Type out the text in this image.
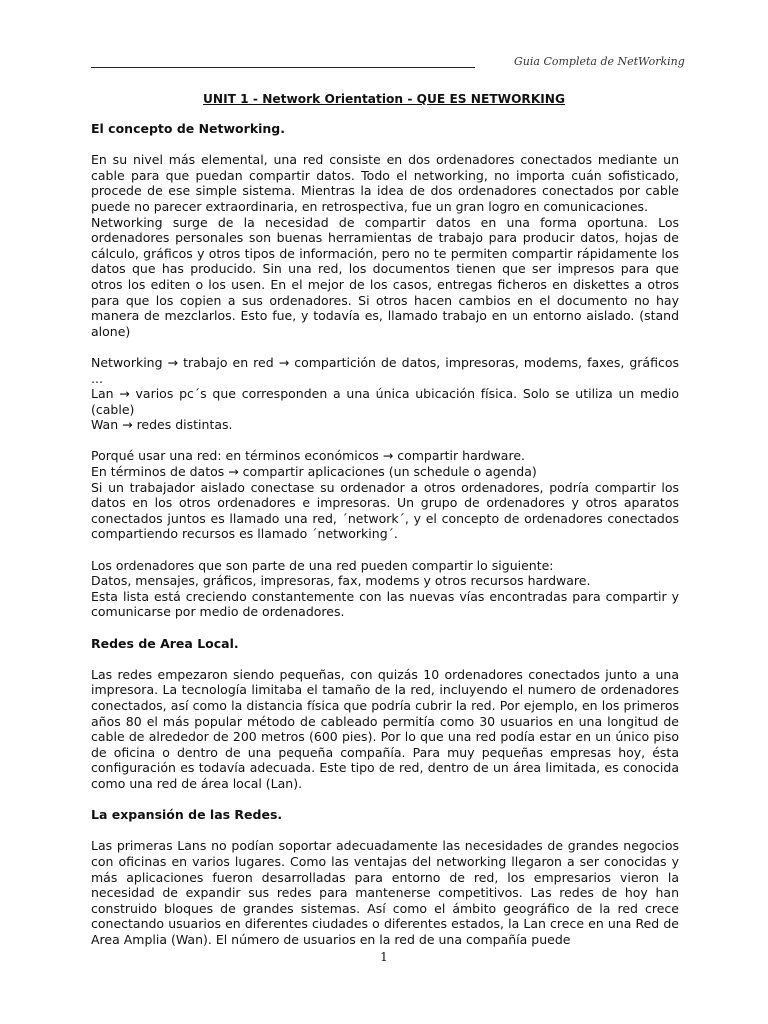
Guia Completa de NetWorking
UNIT 1 - Network Orientation - QUE ES NETWORKING
El concepto de Networking.

En su nivel más elemental, una red consiste en dos ordenadores conectados mediante un cable para que puedan compartir datos. Todo el networking, no importa cuán sofisticado, procede de ese simple sistema. Mientras la idea de dos ordenadores conectados por cable puede no parecer extraordinaria, en retrospectiva, fue un gran logro en comunicaciones.

Networking surge de la necesidad de compartir datos en una forma oportuna. Los ordenadores personales son buenas herramientas de trabajo para producir datos, hojas de cálculo, gráficos y otros tipos de información, pero no te permiten compartir rápidamente los datos que has producido. Sin una red, los documentos tienen que ser impresos para que otros los editen o los usen. En el mejor de los casos, entregas ficheros en diskettes a otros para que los copien a sus ordenadores. Si otros hacen cambios en el documento no hay manera de mezclarlos. Esto fue, y todavía es, llamado trabajo en un entorno aislado. (stand alone)

Networking → trabajo en red → compartición de datos, impresoras, modems, faxes, gráficos ...

Lan → varios pc´s que corresponden a una única ubicación física. Solo se utiliza un medio (cable)

Wan → redes distintas.

Porqué usar una red: en términos económicos → compartir hardware.

En términos de datos → compartir aplicaciones (un schedule o agenda)

Si un trabajador aislado conectase su ordenador a otros ordenadores, podría compartir los datos en los otros ordenadores e impresoras. Un grupo de ordenadores y otros aparatos conectados juntos es llamado una red, ´network´, y el concepto de ordenadores conectados compartiendo recursos es llamado ´networking´.

Los ordenadores que son parte de una red pueden compartir lo siguiente:

Datos, mensajes, gráficos, impresoras, fax, modems y otros recursos hardware.

Esta lista está creciendo constantemente con las nuevas vías encontradas para compartir y comunicarse por medio de ordenadores.

Redes de Area Local.

Las redes empezaron siendo pequeñas, con quizás 10 ordenadores conectados junto a una impresora. La tecnología limitaba el tamaño de la red, incluyendo el numero de ordenadores conectados, así como la distancia física que podría cubrir la red. Por ejemplo, en los primeros años 80 el más popular método de cableado permitía como 30 usuarios en una longitud de cable de alrededor de 200 metros (600 pies). Por lo que una red podía estar en un único piso de oficina o dentro de una pequeña compañía. Para muy pequeñas empresas hoy, ésta configuración es todavía adecuada. Este tipo de red, dentro de un área limitada, es conocida como una red de área local (Lan).

La expansión de las Redes.

Las primeras Lans no podían soportar adecuadamente las necesidades de grandes negocios con oficinas en varios lugares. Como las ventajas del networking llegaron a ser conocidas y más aplicaciones fueron desarrolladas para entorno de red, los empresarios vieron la necesidad de expandir sus redes para mantenerse competitivos. Las redes de hoy han construido bloques de grandes sistemas. Así como el ámbito geográfico de la red crece conectando usuarios en diferentes ciudades o diferentes estados, la Lan crece en una Red de Area Amplia (Wan). El número de usuarios en la red de una compañía puede

1
